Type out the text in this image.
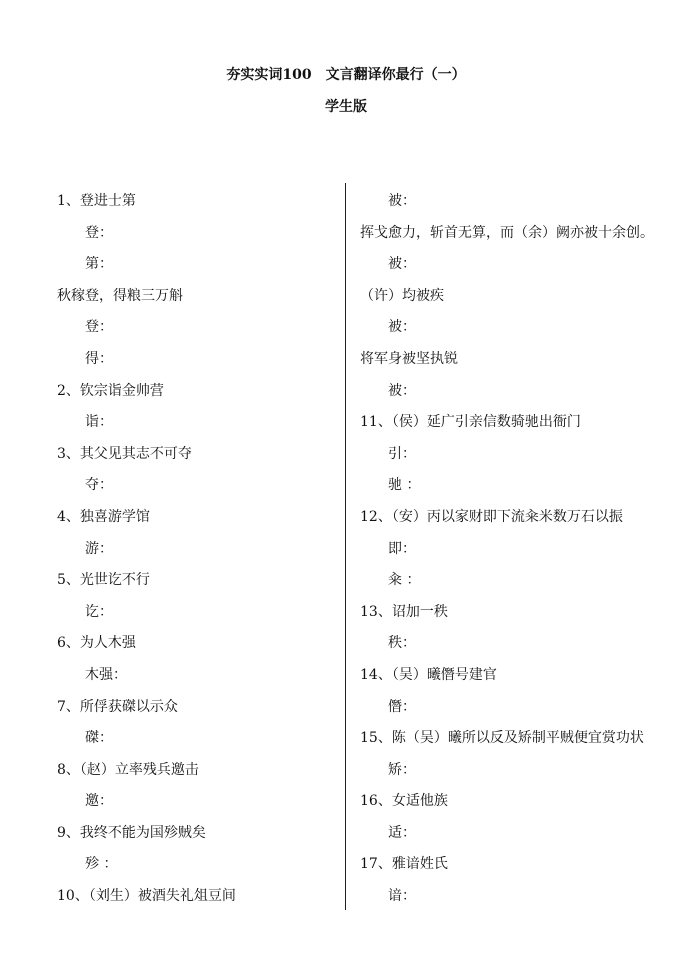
夯实实词100　文言翻译你最行（一）
学生版
1、登进士第
登：
第：
秋稼登，得粮三万斛
登：
得：
2、钦宗诣金帅营
诣：
3、其父见其志不可夺
夺：
4、独喜游学馆
游：
5、光世讫不行
讫：
6、为人木强
木强：
7、所俘获磔以示众
磔：
8、（赵）立率残兵邀击
邀：
9、我终不能为国殄贼矣
殄 ：
10、（刘生）被酒失礼俎豆间
被：
挥戈愈力，斩首无算，而（余）阙亦被十余创。
被：
（许）均被疾
被：
将军身被坚执锐
被：
11、（侯）延广引亲信数骑驰出衙门
引：
驰 ：
12、（安）丙以家财即下流籴米数万石以振
即：
籴 ：
13、诏加一秩
秩：
14、（吴）曦僭号建官
僭：
15、陈（吴）曦所以反及矫制平贼便宜赏功状
矫：
16、女适他族
适：
17、雅谙姓氏
谙：
